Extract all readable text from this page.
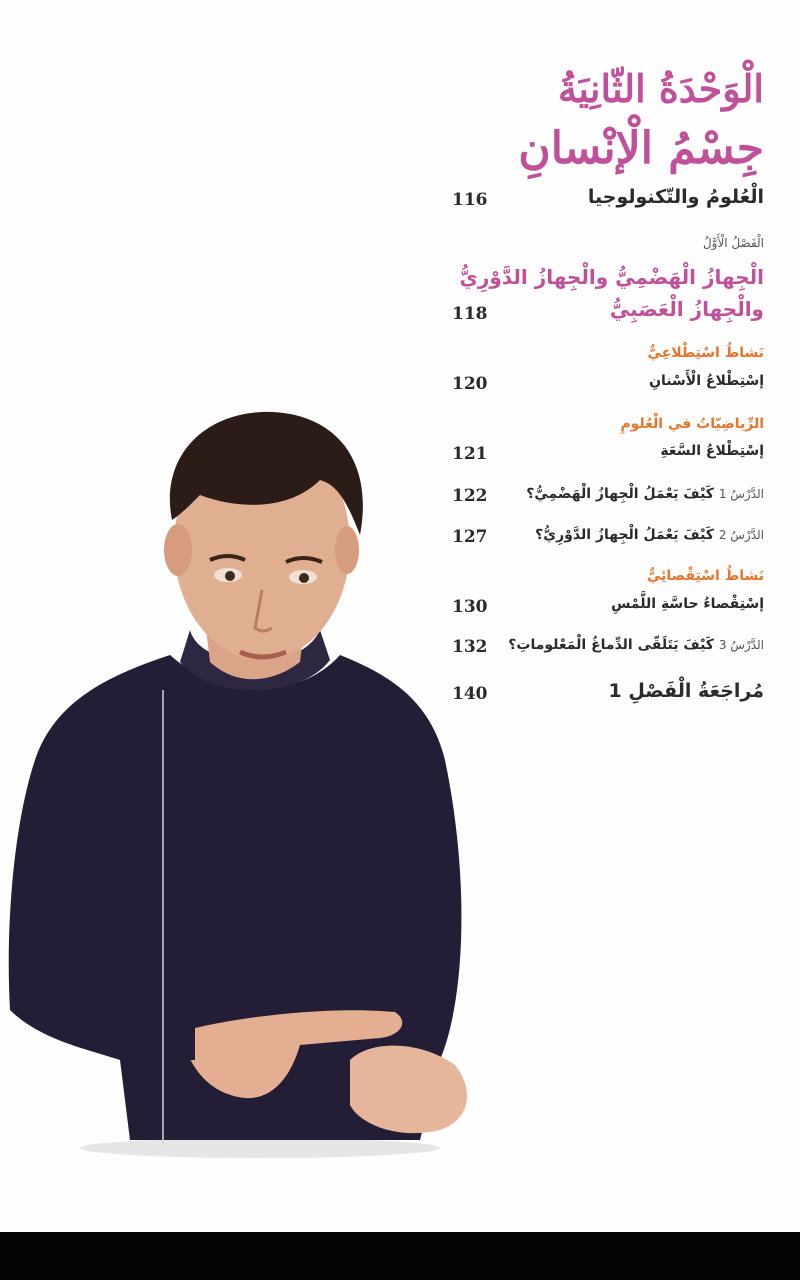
الْوَحْدَةُ الثّانِيَةُ
جِسْمُ الْإنْسانِ
116	الْعُلومُ والتّكنولوجيا
الْفَصْلُ الْأَوَّلُ
الْجِهازُ الْهَضْمِيُّ والْجِهازُ الدَّوْرِيُّ
والْجِهازُ الْعَصَبِيُّ
118
نَشاطُ اسْتِطْلاعِيٌّ
إسْتِطْلاعُ الْأَسْنانِ
120
الرِّياضِيّاتُ في الْعُلومِ
إسْتِطْلاعُ السَّعَةِ
121
الدَّرْسُ 1 كَيْفَ يَعْمَلُ الْجِهازُ الْهَضْمِيُّ؟
122
الدَّرْسُ 2 كَيْفَ يَعْمَلُ الْجِهازُ الدَّوْرِيُّ؟
127
نَشاطُ اسْتِقْصائِيٌّ
إسْتِقْصاءُ حاسَّةِ اللَّمْسِ
130
الدَّرْسُ 3 كَيْفَ يَتَلَقّى الدِّماغُ الْمَعْلوماتِ؟
132
مُراجَعَةُ الْفَصْلِ 1
140
